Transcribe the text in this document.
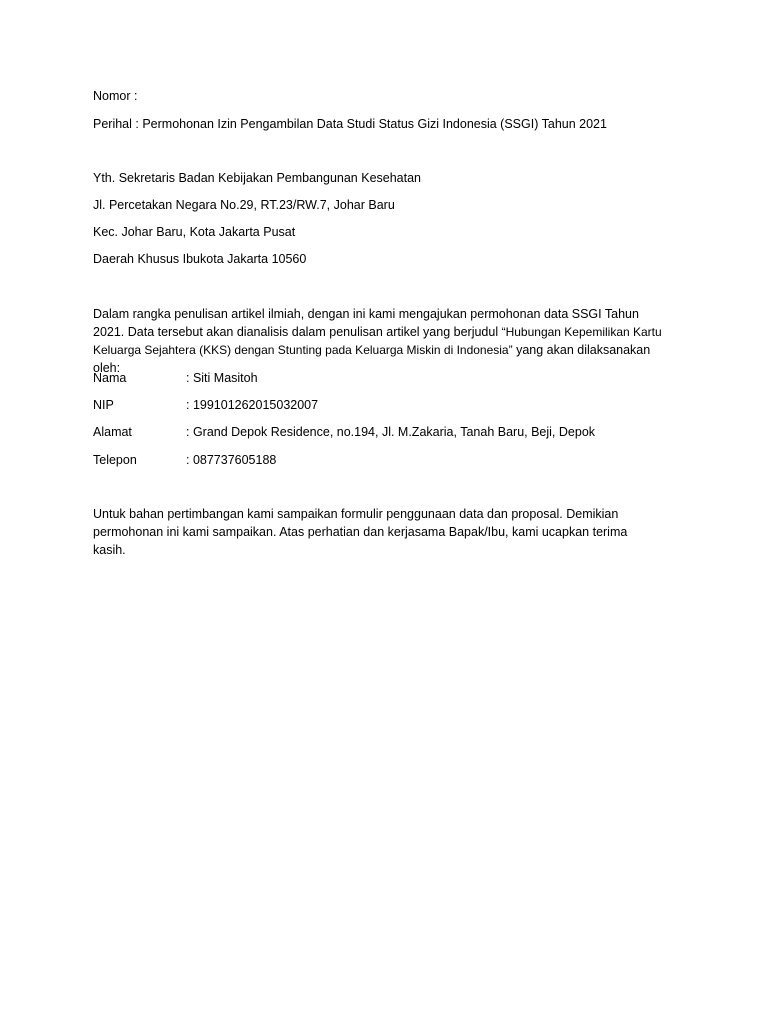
Nomor :
Perihal : Permohonan Izin Pengambilan Data Studi Status Gizi Indonesia (SSGI) Tahun 2021
Yth. Sekretaris Badan Kebijakan Pembangunan Kesehatan
Jl. Percetakan Negara No.29, RT.23/RW.7, Johar Baru
Kec. Johar Baru, Kota Jakarta Pusat
Daerah Khusus Ibukota Jakarta 10560
Dalam rangka penulisan artikel ilmiah, dengan ini kami mengajukan permohonan data SSGI Tahun 2021. Data tersebut akan dianalisis dalam penulisan artikel yang berjudul “Hubungan Kepemilikan Kartu Keluarga Sejahtera (KKS) dengan Stunting pada Keluarga Miskin di Indonesia” yang akan dilaksanakan oleh:
Nama	: Siti Masitoh
NIP	: 199101262015032007
Alamat	: Grand Depok Residence, no.194, Jl. M.Zakaria, Tanah Baru, Beji, Depok
Telepon	: 087737605188
Untuk bahan pertimbangan kami sampaikan formulir penggunaan data dan proposal. Demikian permohonan ini kami sampaikan. Atas perhatian dan kerjasama Bapak/Ibu, kami ucapkan terima kasih.
